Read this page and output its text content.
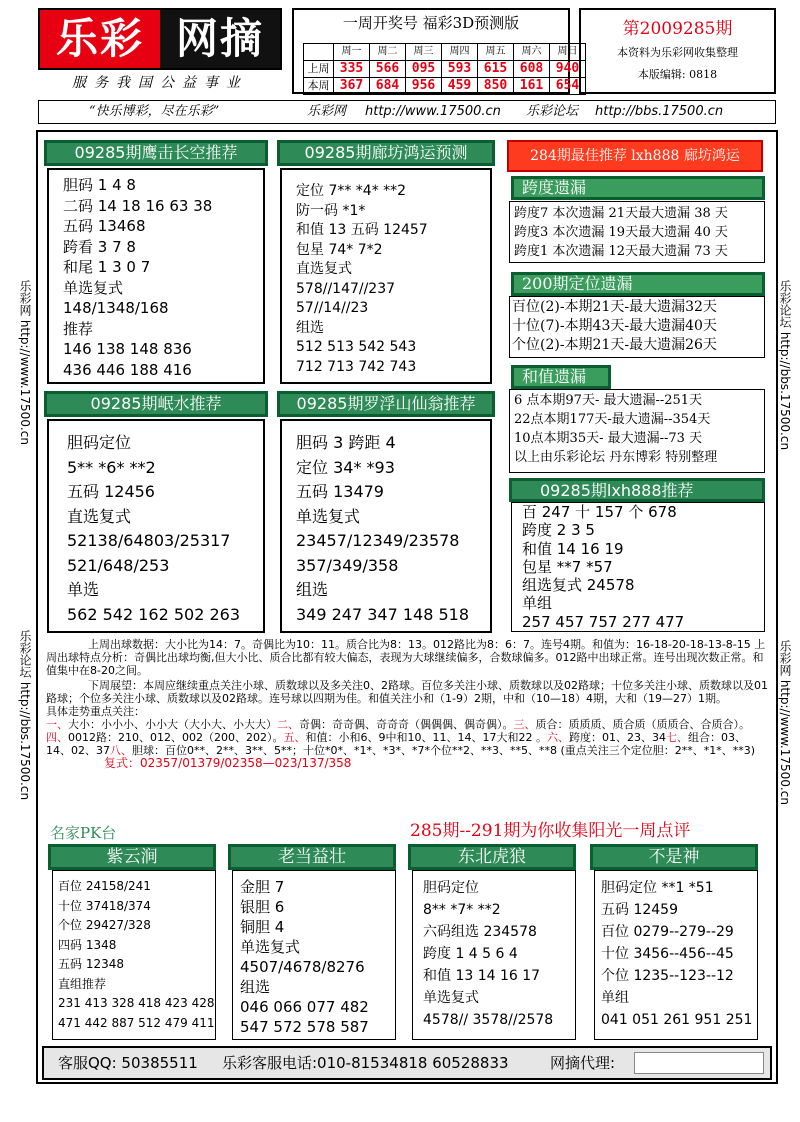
乐彩 网摘
服务我国公益事业
一周开奖号 福彩3D预测版
	周一	周二	周三	周四	周五	周六	周日
上周	335	566	095	593	615	608	940
本周	367	684	956	459	850	161	654
第2009285期
本资料为乐彩网收集整理
本版编辑: 0818
“快乐博彩，尽在乐彩”	乐彩网 http://www.17500.cn 乐彩论坛 http://bbs.17500.cn
乐彩网 http://www.17500.cn
乐彩论坛 http://bbs.17500.cn
乐彩论坛 http://bbs.17500.cn
乐彩网 http://www.17500.cn
09285期鹰击长空推荐
胆码 1 4 8
二码 14 18 16 63 38
五码 13468
跨看 3 7 8
和尾 1 3 0 7
单选复式
148/1348/168
推荐
146 138 148 836
436 446 188 416
09285期廊坊鸿运预测
定位 7** *4* **2
防一码 *1*
和值 13 五码 12457
包星 74* 7*2
直选复式
578//147//237
57//14//23
组选
512 513 542 543
712 713 742 743
09285期岷水推荐
胆码定位
5** *6* **2
五码 12456
直选复式
52138/64803/25317
521/648/253
单选
562 542 162 502 263
09285期罗浮山仙翁推荐
胆码 3 跨距 4
定位 34* *93
五码 13479
单选复式
23457/12349/23578
357/349/358
组选
349 247 347 148 518
284期最佳推荐 lxh888 廊坊鸿运
跨度遗漏
跨度7 本次遗漏 21天最大遗漏 38 天
跨度3 本次遗漏 19天最大遗漏 40 天
跨度1 本次遗漏 12天最大遗漏 73 天
200期定位遗漏
百位(2)-本期21天-最大遗漏32天
十位(7)-本期43天-最大遗漏40天
个位(2)-本期21天-最大遗漏26天
和值遗漏
6 点本期97天- 最大遗漏--251天
22点本期177天-最大遗漏--354天
10点本期35天- 最大遗漏--73 天
以上由乐彩论坛 丹东博彩 特别整理
09285期lxh888推荐
百 247 十 157 个 678
跨度 2 3 5
和值 14 16 19
包星 **7 *57
组选复式 24578
单组
257 457 757 277 477
上周出球数据：大小比为14：7。奇偶比为10：11。质合比为8：13。012路比为8：6：7。连号4期。和值为：16-18-20-18-13-8-15 上周出球特点分析：奇偶比出球均衡,但大小比、质合比都有较大偏态，表现为大球继续偏多，合数球偏多。012路中出球正常。连号出现次数正常。和值集中在8-20之间。
下周展望：本周应继续重点关注小球、质数球以及多关注0、2路球。百位多关注小球、质数球以及02路球；十位多关注小球、质数球以及01路球；个位多关注小球、质数球以及02路球。连号球以四期为佳。和值关注小和（1-9）2期，中和（10—18）4期，大和（19—27）1期。
具体走势重点关注：
一、大小：小小小、小小大（大小大、小大大）二、奇偶：奇奇偶、奇奇奇（偶偶偶、偶奇偶）。三、质合：质质质、质合质（质质合、合质合）。四、0012路：210、012、002（200、202）。五、和值：小和6、9中和10、11、14、17大和22 。六、跨度：01、23、34七、组合：03、14、02、37八、胆球：百位0**、2**、3**、5**；十位*0*、*1*、*3*、*7*个位**2、**3、**5、**8 (重点关注三个定位胆：2**、*1*、**3)
复式：02357/01379/02358—023/137/358
名家PK台	285期--291期为你收集阳光一周点评
紫云涧
百位 24158/241
十位 37418/374
个位 29427/328
四码 1348
五码 12348
直组推荐
231 413 328 418 423 428
471 442 887 512 479 411
老当益壮
金胆 7
银胆 6
铜胆 4
单选复式
4507/4678/8276
组选
046 066 077 482
547 572 578 587
东北虎狼
胆码定位
8** *7* **2
六码组选 234578
跨度 1 4 5 6 4
和值 13 14 16 17
单选复式
4578// 3578//2578
不是神
胆码定位 **1 *51
五码 12459
百位 0279--279--29
十位 3456--456--45
个位 1235--123--12
单组
041 051 261 951 251
客服QQ: 50385511 乐彩客服电话:010-81534818 60528833	网摘代理:
